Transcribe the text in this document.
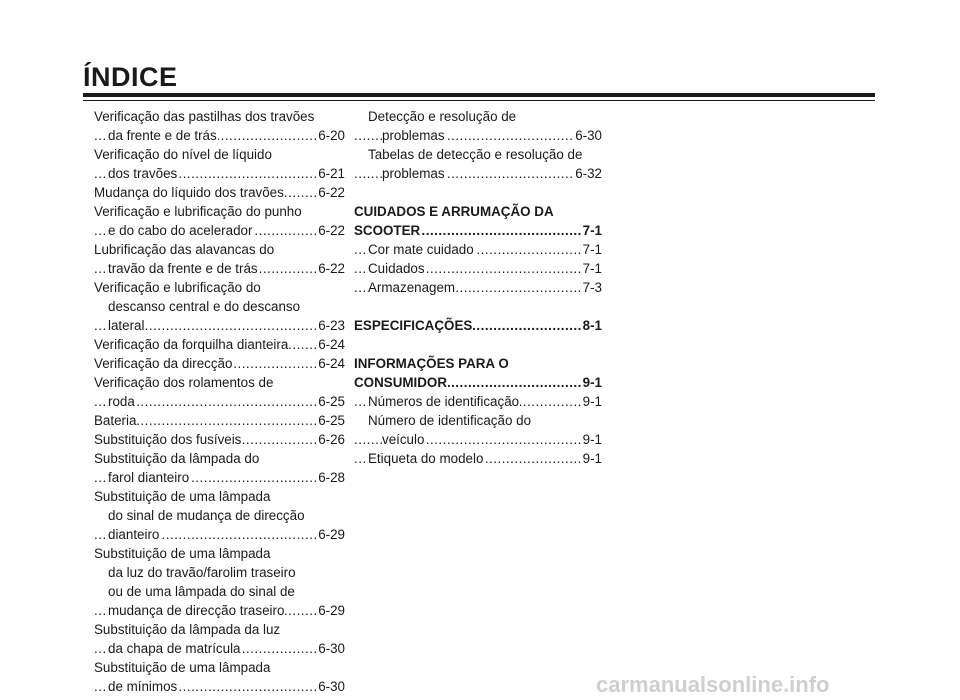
ÍNDICE
Verificação das pastilhas dos travões
da frente e de trás	6-20
.....
Verificação do nível de líquido
dos travões	6-21
.....
Mudança do líquido dos travões	6-22
.....
Verificação e lubrificação do punho
e do cabo do acelerador	6-22
.....
Lubrificação das alavancas do
travão da frente e de trás	6-22
.....
Verificação e lubrificação do
descanso central e do descanso
lateral	6-23
.....
Verificação da forquilha dianteira 6-24
.....
Verificação da direcção	6-24
.....
Verificação dos rolamentos de
roda	6-25
.....
Bateria	6-25
.....
Substituição dos fusíveis	6-26
.....
Substituição da lâmpada do
farol dianteiro	6-28
.....
Substituição de uma lâmpada
do sinal de mudança de direcção
dianteiro	6-29
.....
Substituição de uma lâmpada
da luz do travão/farolim traseiro
ou de uma lâmpada do sinal de
mudança de direcção traseiro	6-29
.....
Substituição da lâmpada da luz
da chapa de matrícula	6-30
.....
Substituição de uma lâmpada
de mínimos	6-30
.....
Detecção e resolução de
problemas	6-30
.....
Tabelas de detecção e resolução de
problemas	6-32
.....
CUIDADOS E ARRUMAÇÃO DA
SCOOTER	7-1
.....
Cor mate cuidado	7-1
.....
Cuidados	7-1
.....
Armazenagem	7-3
.....
ESPECIFICAÇÕES	8-1
.....
INFORMAÇÕES PARA O
CONSUMIDOR	9-1
.....
Números de identificação	9-1
.....
Número de identificação do
veículo	9-1
.....
Etiqueta do modelo	9-1
.....
carmanualsonline.info
